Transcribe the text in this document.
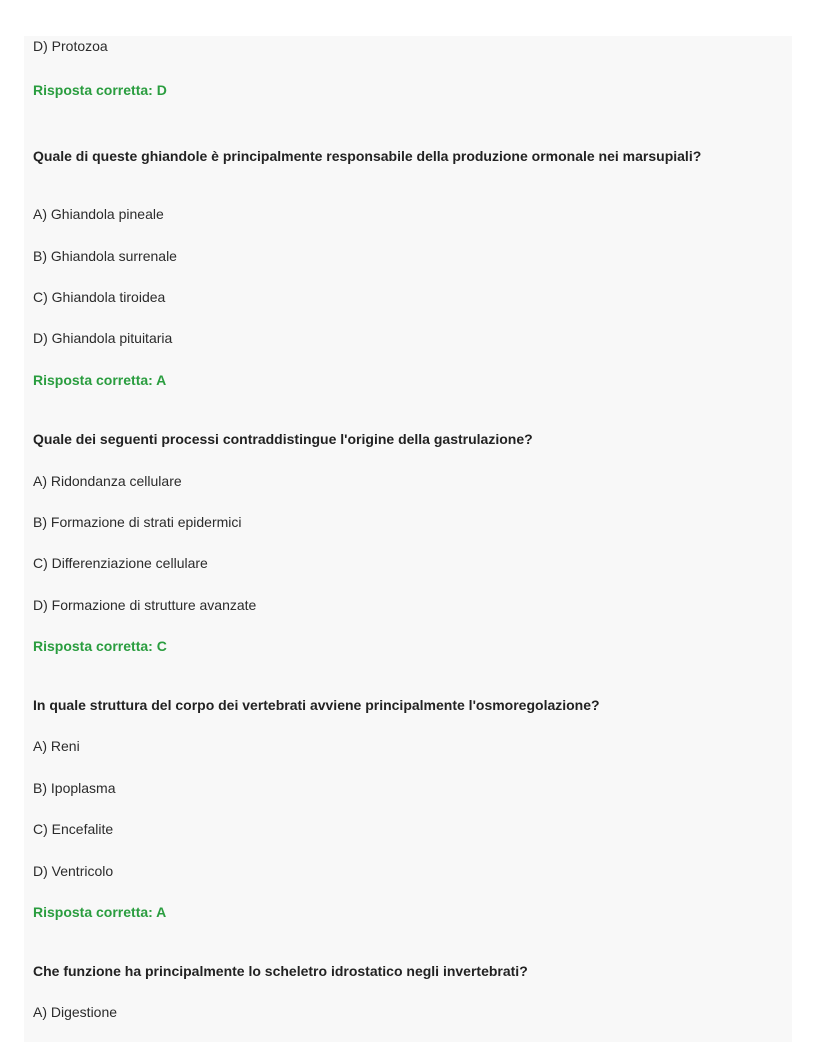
D) Protozoa
Risposta corretta: D
Quale di queste ghiandole è principalmente responsabile della produzione ormonale nei marsupiali?
A) Ghiandola pineale
B) Ghiandola surrenale
C) Ghiandola tiroidea
D) Ghiandola pituitaria
Risposta corretta: A
Quale dei seguenti processi contraddistingue l'origine della gastrulazione?
A) Ridondanza cellulare
B) Formazione di strati epidermici
C) Differenziazione cellulare
D) Formazione di strutture avanzate
Risposta corretta: C
In quale struttura del corpo dei vertebrati avviene principalmente l'osmoregolazione?
A) Reni
B) Ipoplasma
C) Encefalite
D) Ventricolo
Risposta corretta: A
Che funzione ha principalmente lo scheletro idrostatico negli invertebrati?
A) Digestione
